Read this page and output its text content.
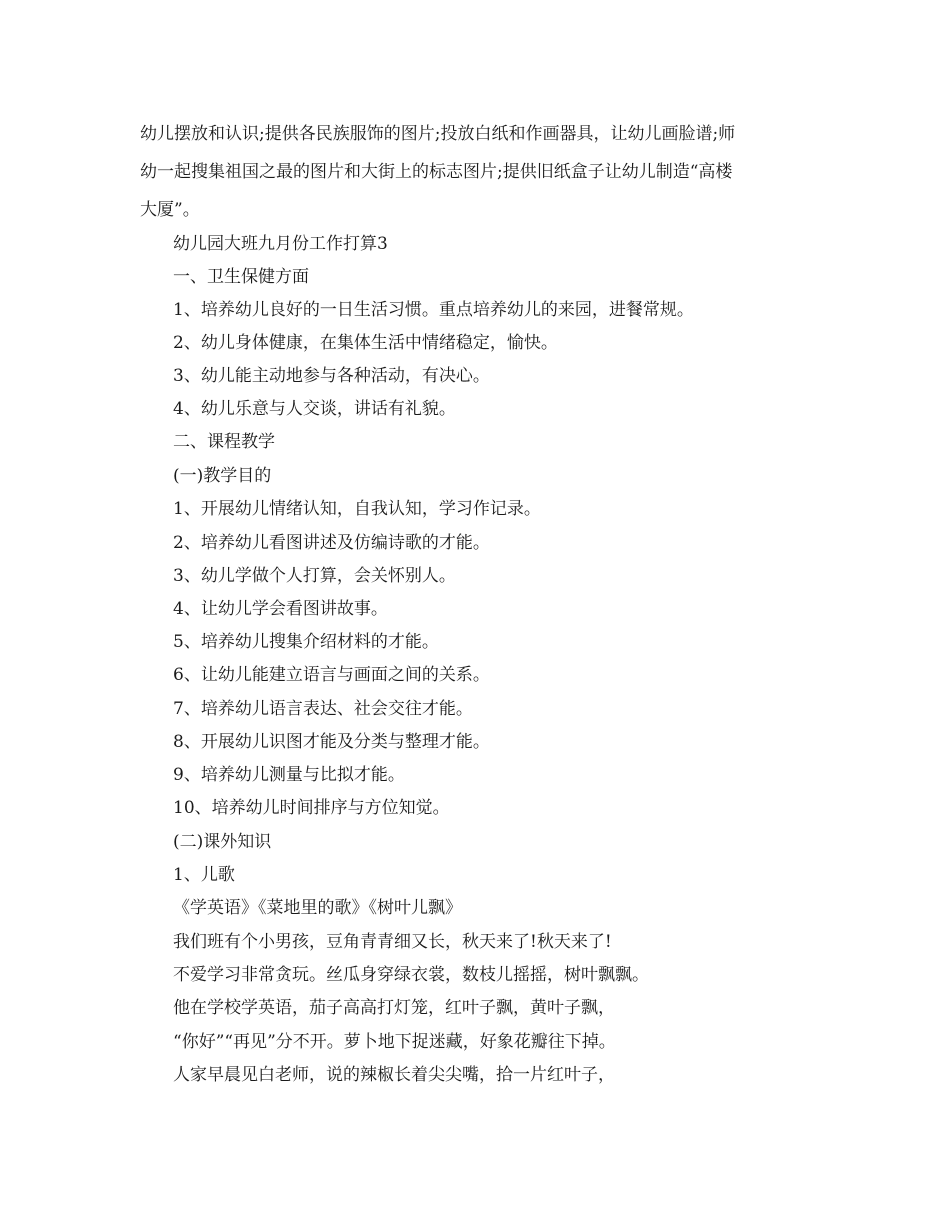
幼儿摆放和认识;提供各民族服饰的图片;投放白纸和作画器具，让幼儿画脸谱;师
幼一起搜集祖国之最的图片和大街上的标志图片;提供旧纸盒子让幼儿制造“高楼
大厦”。
幼儿园大班九月份工作打算3
一、卫生保健方面
1、培养幼儿良好的一日生活习惯。重点培养幼儿的来园，进餐常规。
2、幼儿身体健康，在集体生活中情绪稳定，愉快。
3、幼儿能主动地参与各种活动，有决心。
4、幼儿乐意与人交谈，讲话有礼貌。
二、课程教学
(一)教学目的
1、开展幼儿情绪认知，自我认知，学习作记录。
2、培养幼儿看图讲述及仿编诗歌的才能。
3、幼儿学做个人打算，会关怀别人。
4、让幼儿学会看图讲故事。
5、培养幼儿搜集介绍材料的才能。
6、让幼儿能建立语言与画面之间的关系。
7、培养幼儿语言表达、社会交往才能。
8、开展幼儿识图才能及分类与整理才能。
9、培养幼儿测量与比拟才能。
10、培养幼儿时间排序与方位知觉。
(二)课外知识
1、儿歌
《学英语》《菜地里的歌》《树叶儿飘》
我们班有个小男孩，豆角青青细又长，秋天来了!秋天来了!
不爱学习非常贪玩。丝瓜身穿绿衣裳，数枝儿摇摇，树叶飘飘。
他在学校学英语，茄子高高打灯笼，红叶子飘，黄叶子飘，
“你好”“再见”分不开。萝卜地下捉迷藏，好象花瓣往下掉。
人家早晨见白老师，说的辣椒长着尖尖嘴，拾一片红叶子，
